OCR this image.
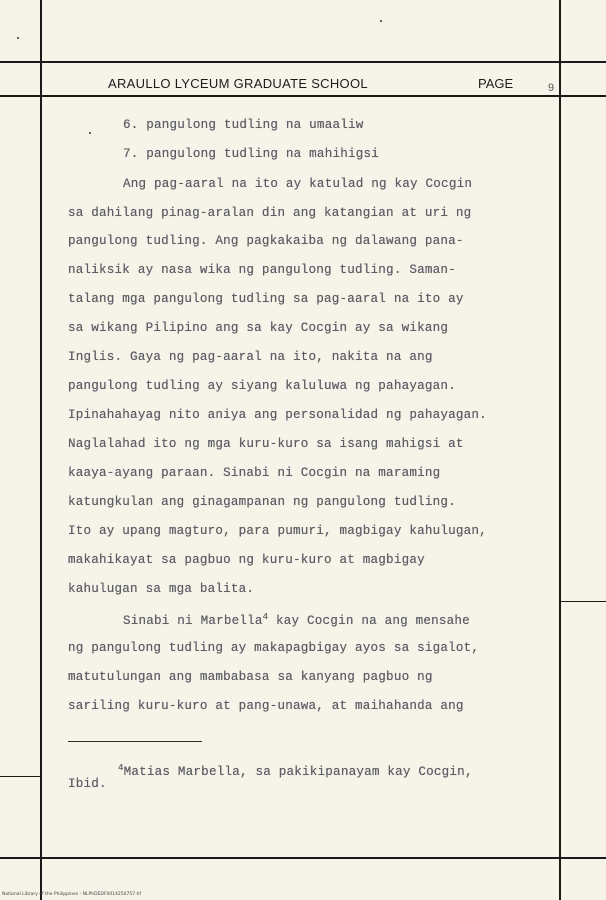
ARAULLO LYCEUM GRADUATE SCHOOL	PAGE	9
6. pangulong tudling na umaaliw
7. pangulong tudling na mahihigsi
Ang pag-aaral na ito ay katulad ng kay Cocgin
sa dahilang pinag-aralan din ang katangian at uri ng
pangulong tudling. Ang pagkakaiba ng dalawang pana-
naliksik ay nasa wika ng pangulong tudling. Saman-
talang mga pangulong tudling sa pag-aaral na ito ay
sa wikang Pilipino ang sa kay Cocgin ay sa wikang
Inglis. Gaya ng pag-aaral na ito, nakita na ang
pangulong tudling ay siyang kaluluwa ng pahayagan.
Ipinahahayag nito aniya ang personalidad ng pahayagan.
Naglalahad ito ng mga kuru-kuro sa isang mahigsi at
kaaya-ayang paraan. Sinabi ni Cocgin na maraming
katungkulan ang ginagampanan ng pangulong tudling.
Ito ay upang magturo, para pumuri, magbigay kahulugan,
makahikayat sa pagbuo ng kuru-kuro at magbigay
kahulugan sa mga balita.
Sinabi ni Marbella$^4$ kay Cocgin na ang mensahe
ng pangulong tudling ay makapagbigay ayos sa sigalot,
matutulungan ang mambabasa sa kanyang pagbuo ng
sariling kuru-kuro at pang-unawa, at maihahanda ang
$^4$Matias Marbella, sa pakikipanayam kay Cocgin,
Ibid.
National Library of the Philippines - NLPhDEDF0014250757.tif
